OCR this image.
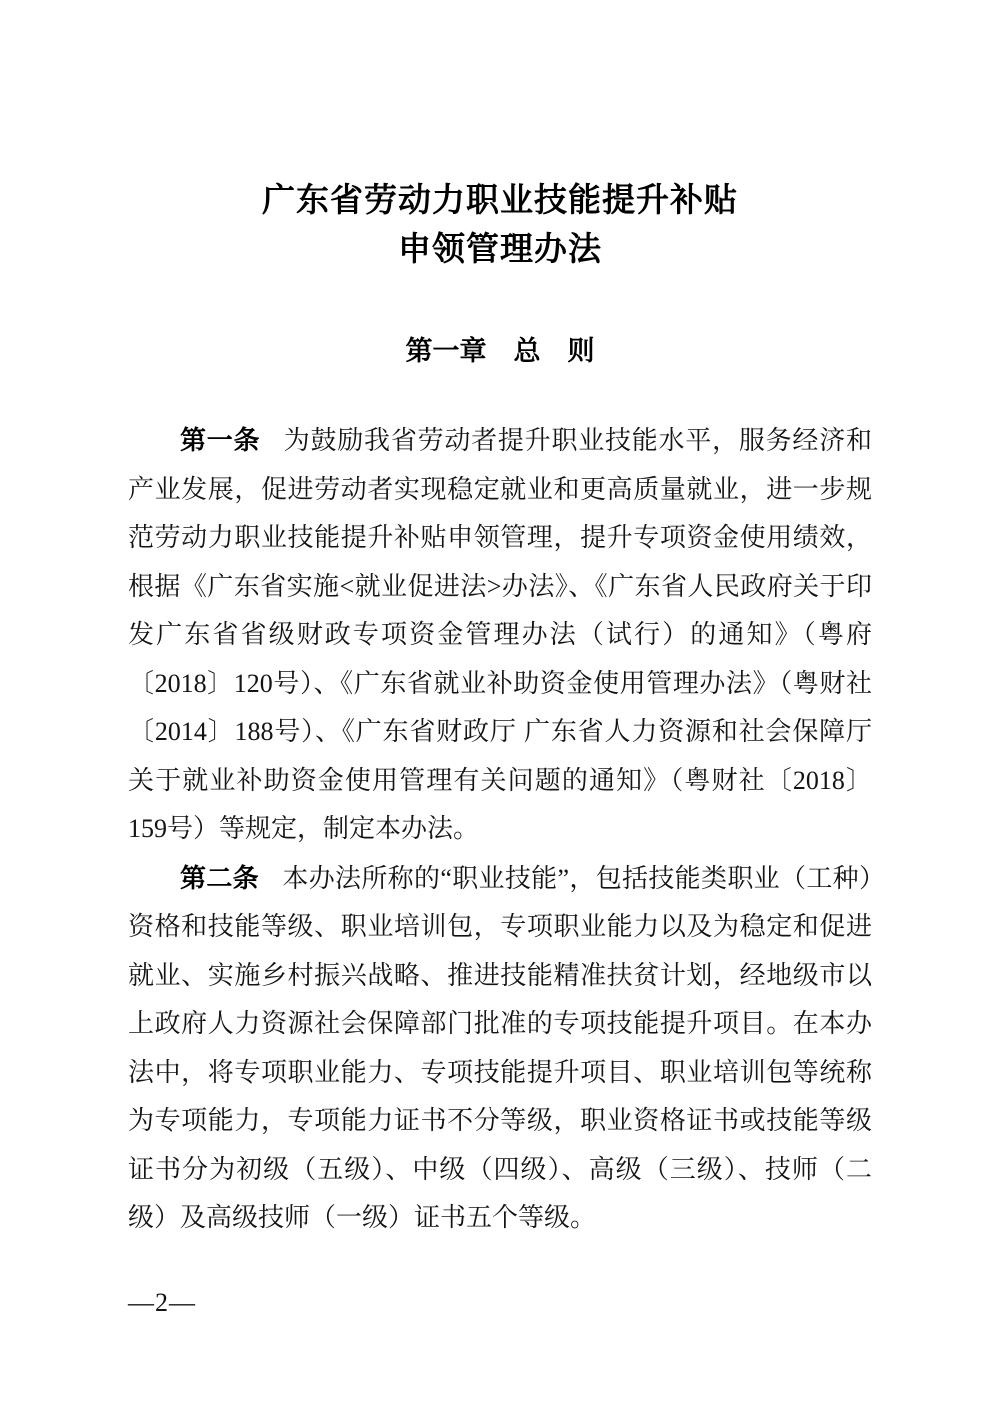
广东省劳动力职业技能提升补贴
申领管理办法
第一章　总　则

第一条 为鼓励我省劳动者提升职业技能水平，服务经济和产业发展，促进劳动者实现稳定就业和更高质量就业，进一步规范劳动力职业技能提升补贴申领管理，提升专项资金使用绩效，根据《广东省实施<就业促进法>办法》、《广东省人民政府关于印发广东省省级财政专项资金管理办法（试行）的通知》（粤府〔2018〕120号）、《广东省就业补助资金使用管理办法》（粤财社〔2014〕188号）、《广东省财政厅 广东省人力资源和社会保障厅关于就业补助资金使用管理有关问题的通知》（粤财社〔2018〕159号）等规定，制定本办法。

第二条 本办法所称的“职业技能”，包括技能类职业（工种）资格和技能等级、职业培训包，专项职业能力以及为稳定和促进就业、实施乡村振兴战略、推进技能精准扶贫计划，经地级市以上政府人力资源社会保障部门批准的专项技能提升项目。在本办法中，将专项职业能力、专项技能提升项目、职业培训包等统称为专项能力，专项能力证书不分等级，职业资格证书或技能等级证书分为初级（五级）、中级（四级）、高级（三级）、技师（二级）及高级技师（一级）证书五个等级。

—2—
